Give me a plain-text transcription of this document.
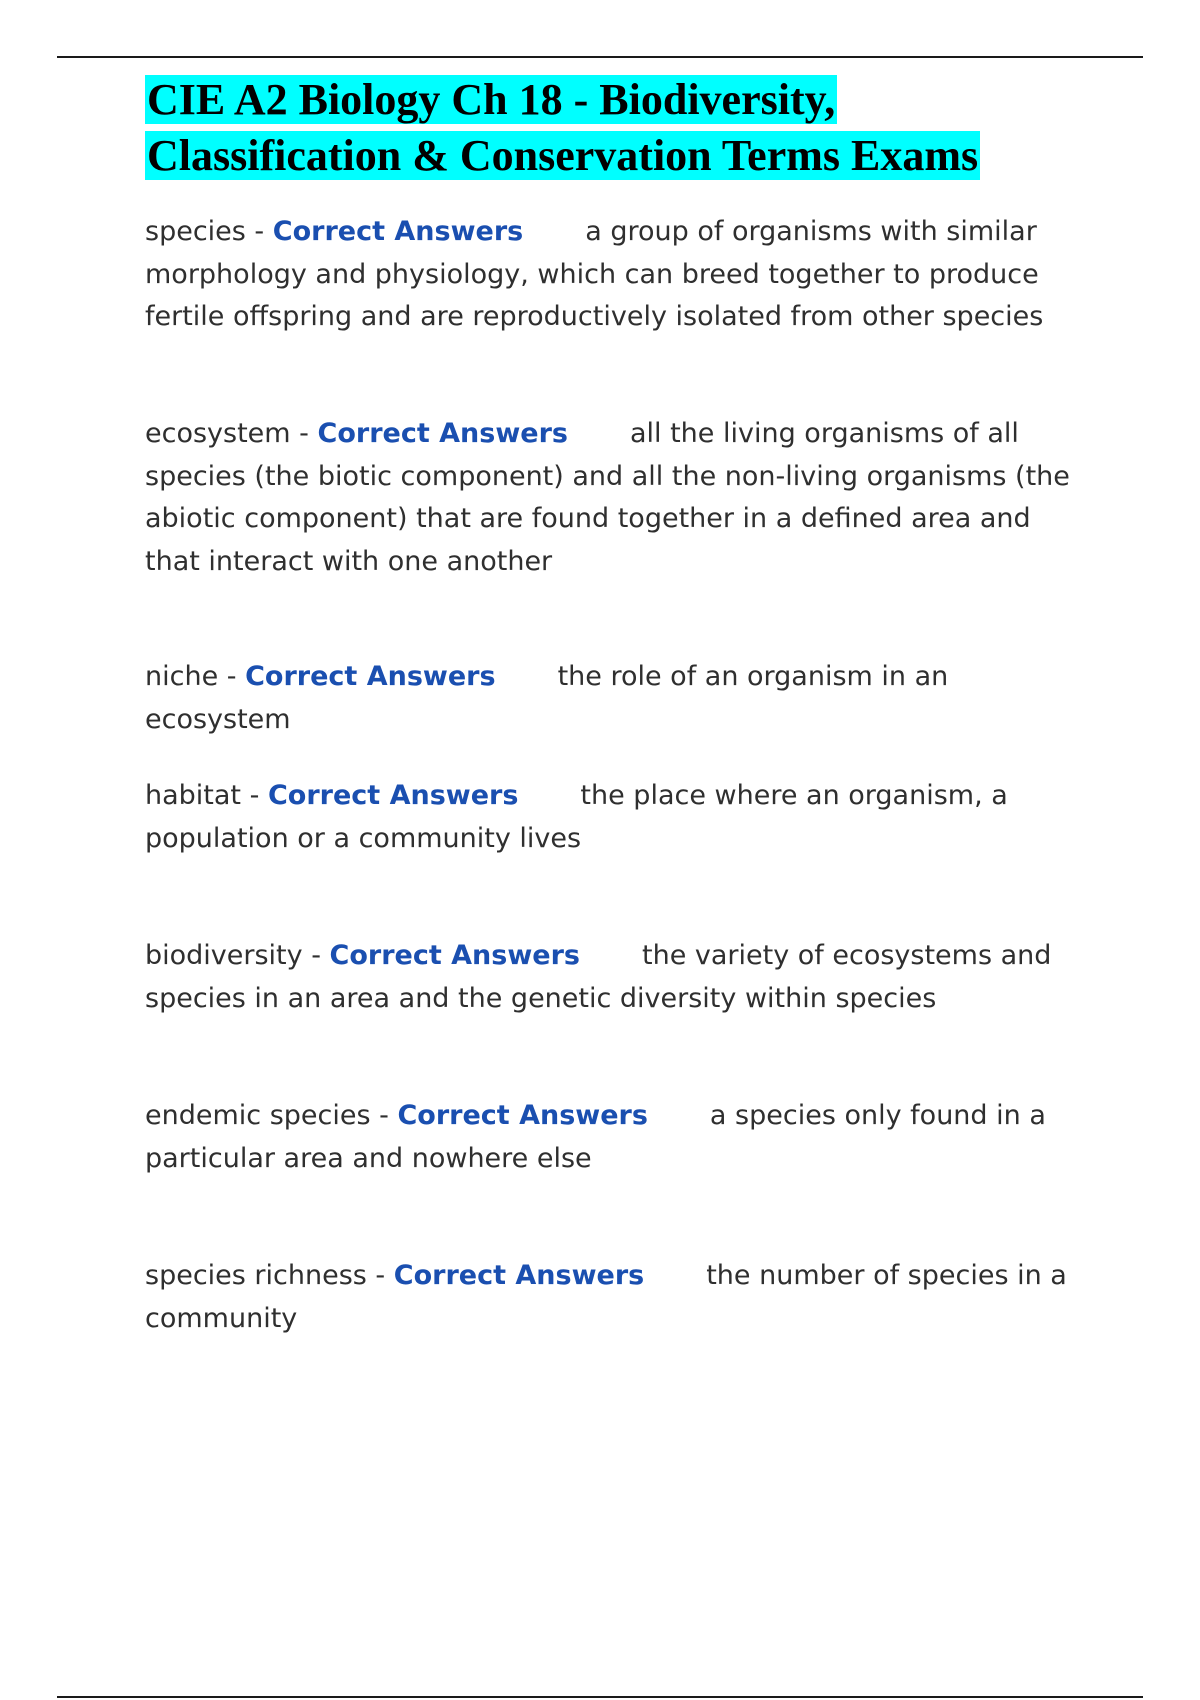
CIE A2 Biology Ch 18 - Biodiversity, Classification & Conservation Terms Exams
species - Correct Answers a group of organisms with similar morphology and physiology, which can breed together to produce fertile offspring and are reproductively isolated from other species
ecosystem - Correct Answers all the living organisms of all species (the biotic component) and all the non-living organisms (the abiotic component) that are found together in a defined area and that interact with one another
niche - Correct Answers the role of an organism in an ecosystem
habitat - Correct Answers the place where an organism, a population or a community lives
biodiversity - Correct Answers the variety of ecosystems and species in an area and the genetic diversity within species
endemic species - Correct Answers a species only found in a particular area and nowhere else
species richness - Correct Answers the number of species in a community
